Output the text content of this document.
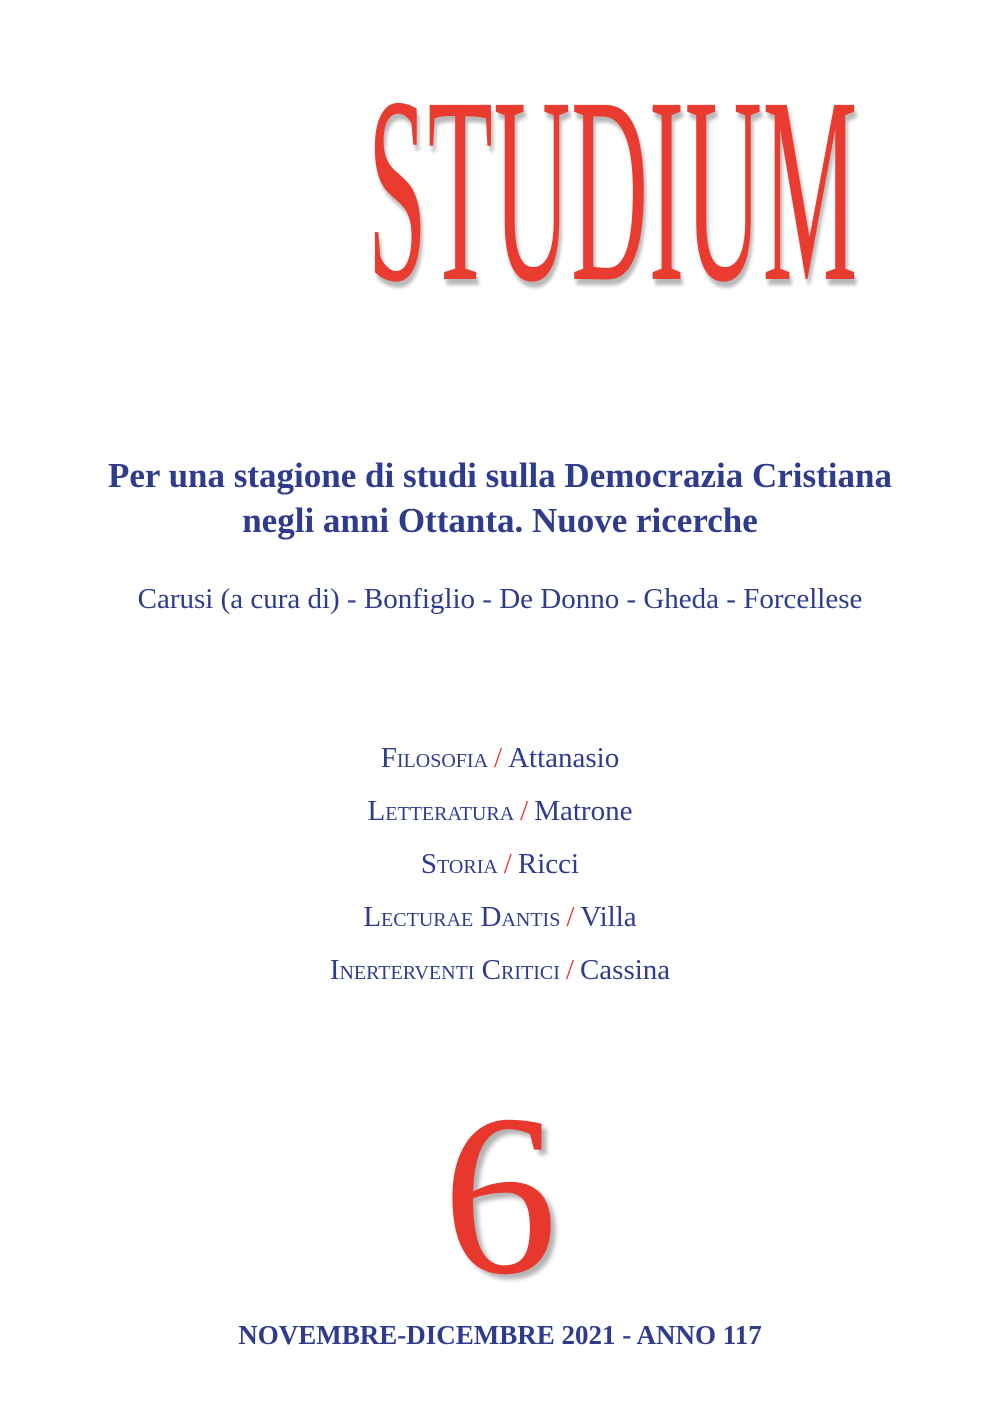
STUDIUM
Per una stagione di studi sulla Democrazia Cristiana
negli anni Ottanta. Nuove ricerche
Carusi (a cura di) - Bonfiglio - De Donno - Gheda - Forcellese
Filosofia / Attanasio
Letteratura / Matrone
Storia / Ricci
Lecturae Dantis / Villa
Inerterventi Critici / Cassina
6
NOVEMBRE-DICEMBRE 2021 - ANNO 117
